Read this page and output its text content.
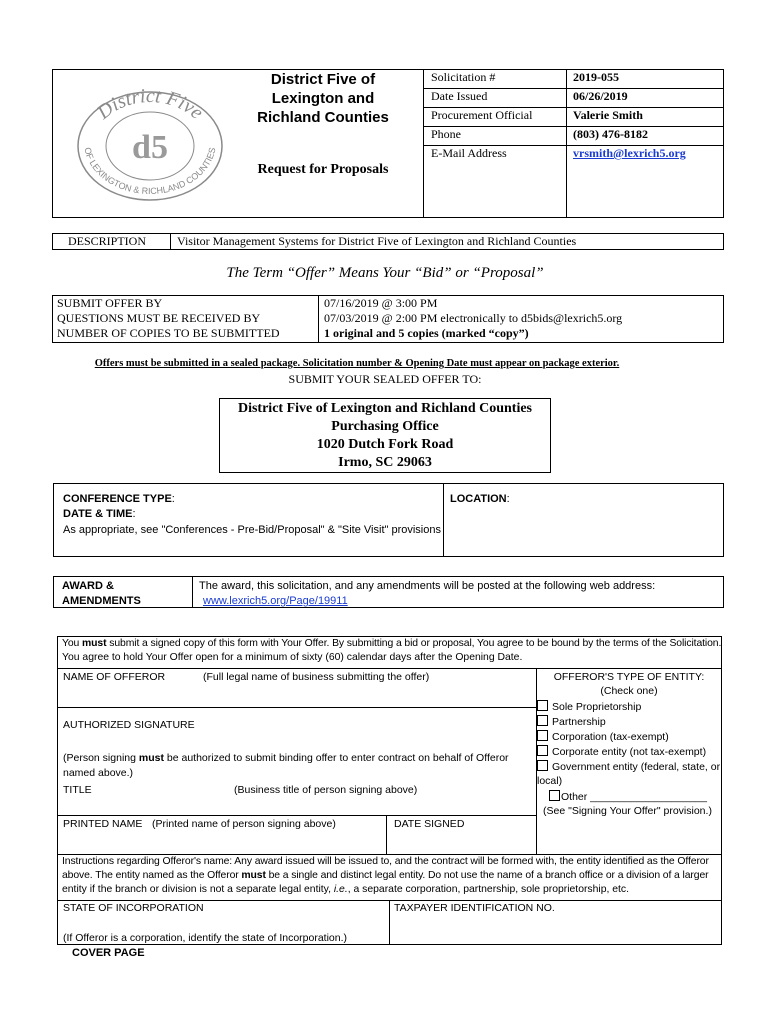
District Five
OF LEXINGTON & RICHLAND COUNTIES
d5
District Five of
Lexington and
Richland Counties
Request for Proposals
Solicitation #	2019-055
Date Issued	06/26/2019
Procurement Official	Valerie Smith
Phone	(803) 476-8182
E-Mail Address	vrsmith@lexrich5.org
DESCRIPTION	Visitor Management Systems for District Five of Lexington and Richland Counties
The Term “Offer” Means Your “Bid” or “Proposal”
SUBMIT OFFER BY	07/16/2019 @ 3:00 PM
QUESTIONS MUST BE RECEIVED BY	07/03/2019 @ 2:00 PM electronically to d5bids@lexrich5.org
NUMBER OF COPIES TO BE SUBMITTED	1 original and 5 copies (marked “copy”)
Offers must be submitted in a sealed package. Solicitation number & Opening Date must appear on package exterior.
SUBMIT YOUR SEALED OFFER TO:
District Five of Lexington and Richland Counties
Purchasing Office
1020 Dutch Fork Road
Irmo, SC 29063
CONFERENCE TYPE:
DATE & TIME:
As appropriate, see "Conferences - Pre-Bid/Proposal" & "Site Visit" provisions
LOCATION:
AWARD &
AMENDMENTS
The award, this solicitation, and any amendments will be posted at the following web address:
www.lexrich5.org/Page/19911
You must submit a signed copy of this form with Your Offer. By submitting a bid or proposal, You agree to be bound by the terms of the Solicitation.
You agree to hold Your Offer open for a minimum of sixty (60) calendar days after the Opening Date.
NAME OF OFFEROR	(Full legal name of business submitting the offer)
AUTHORIZED SIGNATURE
(Person signing must be authorized to submit binding offer to enter contract on behalf of Offeror
named above.)
TITLE	(Business title of person signing above)
PRINTED NAME (Printed name of person signing above)	DATE SIGNED
OFFEROR'S TYPE OF ENTITY:
(Check one)
Sole Proprietorship
Partnership
Corporation (tax-exempt)
Corporate entity (not tax-exempt)
Government entity (federal, state, or
local)
Other ____________________
(See "Signing Your Offer" provision.)
Instructions regarding Offeror's name: Any award issued will be issued to, and the contract will be formed with, the entity identified as the Offeror
above. The entity named as the Offeror must be a single and distinct legal entity. Do not use the name of a branch office or a division of a larger
entity if the branch or division is not a separate legal entity, i.e., a separate corporation, partnership, sole proprietorship, etc.
STATE OF INCORPORATION
(If Offeror is a corporation, identify the state of Incorporation.)
TAXPAYER IDENTIFICATION NO.
COVER PAGE
